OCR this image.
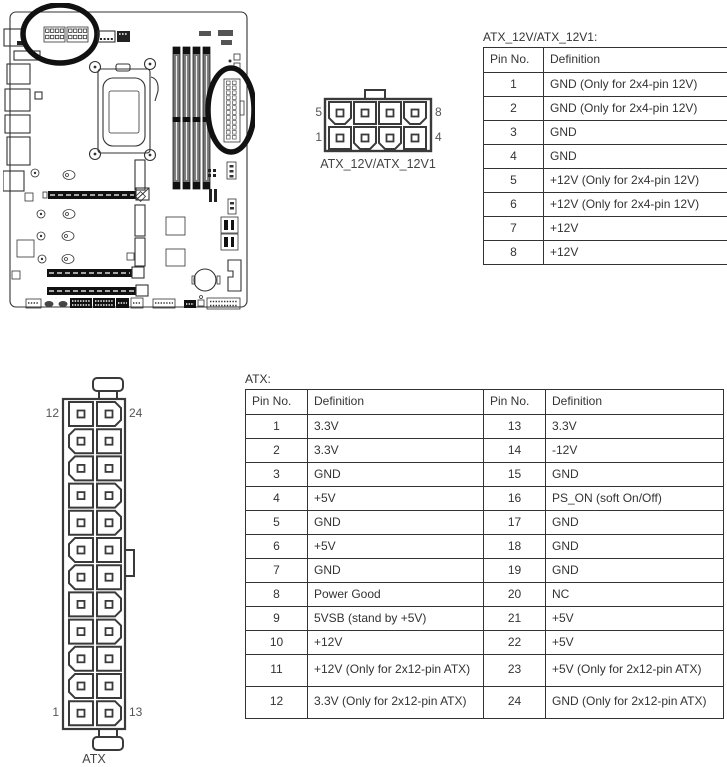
5
1
8
4
ATX_12V/ATX_12V1
ATX_12V/ATX_12V1:
Pin No.	Definition
1	GND (Only for 2x4-pin 12V)
2	GND (Only for 2x4-pin 12V)
3	GND
4	GND
5	+12V (Only for 2x4-pin 12V)
6	+12V (Only for 2x4-pin 12V)
7	+12V
8	+12V
12	24
1	13
ATX
ATX:
Pin No.	Definition	Pin No.	Definition
1	3.3V	13	3.3V
2	3.3V	14	-12V
3	GND	15	GND
4	+5V	16	PS_ON (soft On/Off)
5	GND	17	GND
6	+5V	18	GND
7	GND	19	GND
8	Power Good	20	NC
9	5VSB (stand by +5V)	21	+5V
10	+12V	22	+5V
11	+12V (Only for 2x12-pin ATX)	23	+5V (Only for 2x12-pin ATX)
12	3.3V (Only for 2x12-pin ATX)	24	GND (Only for 2x12-pin ATX)
